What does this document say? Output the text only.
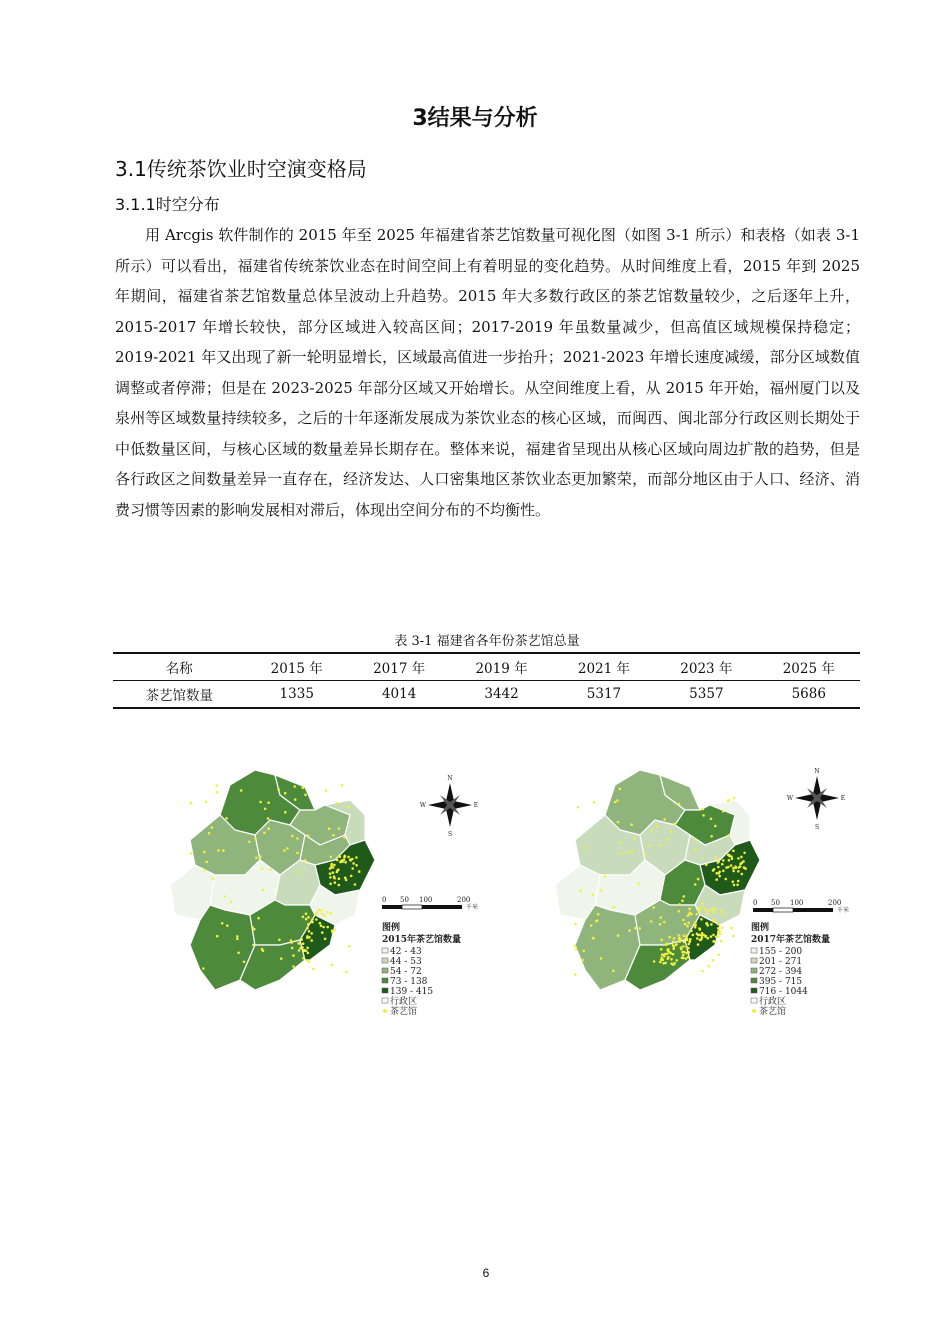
3结果与分析
3.1传统茶饮业时空演变格局
3.1.1时空分布

用 Arcgis 软件制作的 2015 年至 2025 年福建省茶艺馆数量可视化图（如图 3-1 所示）和表格（如表 3-1 所示）可以看出，福建省传统茶饮业态在时间空间上有着明显的变化趋势。从时间维度上看，2015 年到 2025 年期间，福建省茶艺馆数量总体呈波动上升趋势。2015 年大多数行政区的茶艺馆数量较少，之后逐年上升，2015-2017 年增长较快，部分区域进入较高区间；2017-2019 年虽数量减少，但高值区域规模保持稳定；2019-2021 年又出现了新一轮明显增长，区域最高值进一步抬升；2021-2023 年增长速度减缓，部分区域数值调整或者停滞；但是在 2023-2025 年部分区域又开始增长。从空间维度上看，从 2015 年开始，福州厦门以及泉州等区域数量持续较多，之后的十年逐渐发展成为茶饮业态的核心区域，而闽西、闽北部分行政区则长期处于中低数量区间，与核心区域的数量差异长期存在。整体来说，福建省呈现出从核心区域向周边扩散的趋势，但是各行政区之间数量差异一直存在，经济发达、人口密集地区茶饮业态更加繁荣，而部分地区由于人口、经济、消费习惯等因素的影响发展相对滞后，体现出空间分布的不均衡性。

表 3-1 福建省各年份茶艺馆总量
名称	2015 年	2017 年	2019 年	2021 年	2023 年	2025 年
茶艺馆数量	1335	4014	3442	5317	5357	5686
N
S
E
W
0 50 100	200
千米
图例
2015年茶艺馆数量
42 - 43
44 - 53
54 - 72
73 - 138
139 - 415
行政区
茶艺馆
N
S
E
W
0 50 100	200
千米
图例
2017年茶艺馆数量
155 - 200
201 - 271
272 - 394
395 - 715
716 - 1044
行政区
茶艺馆
6
